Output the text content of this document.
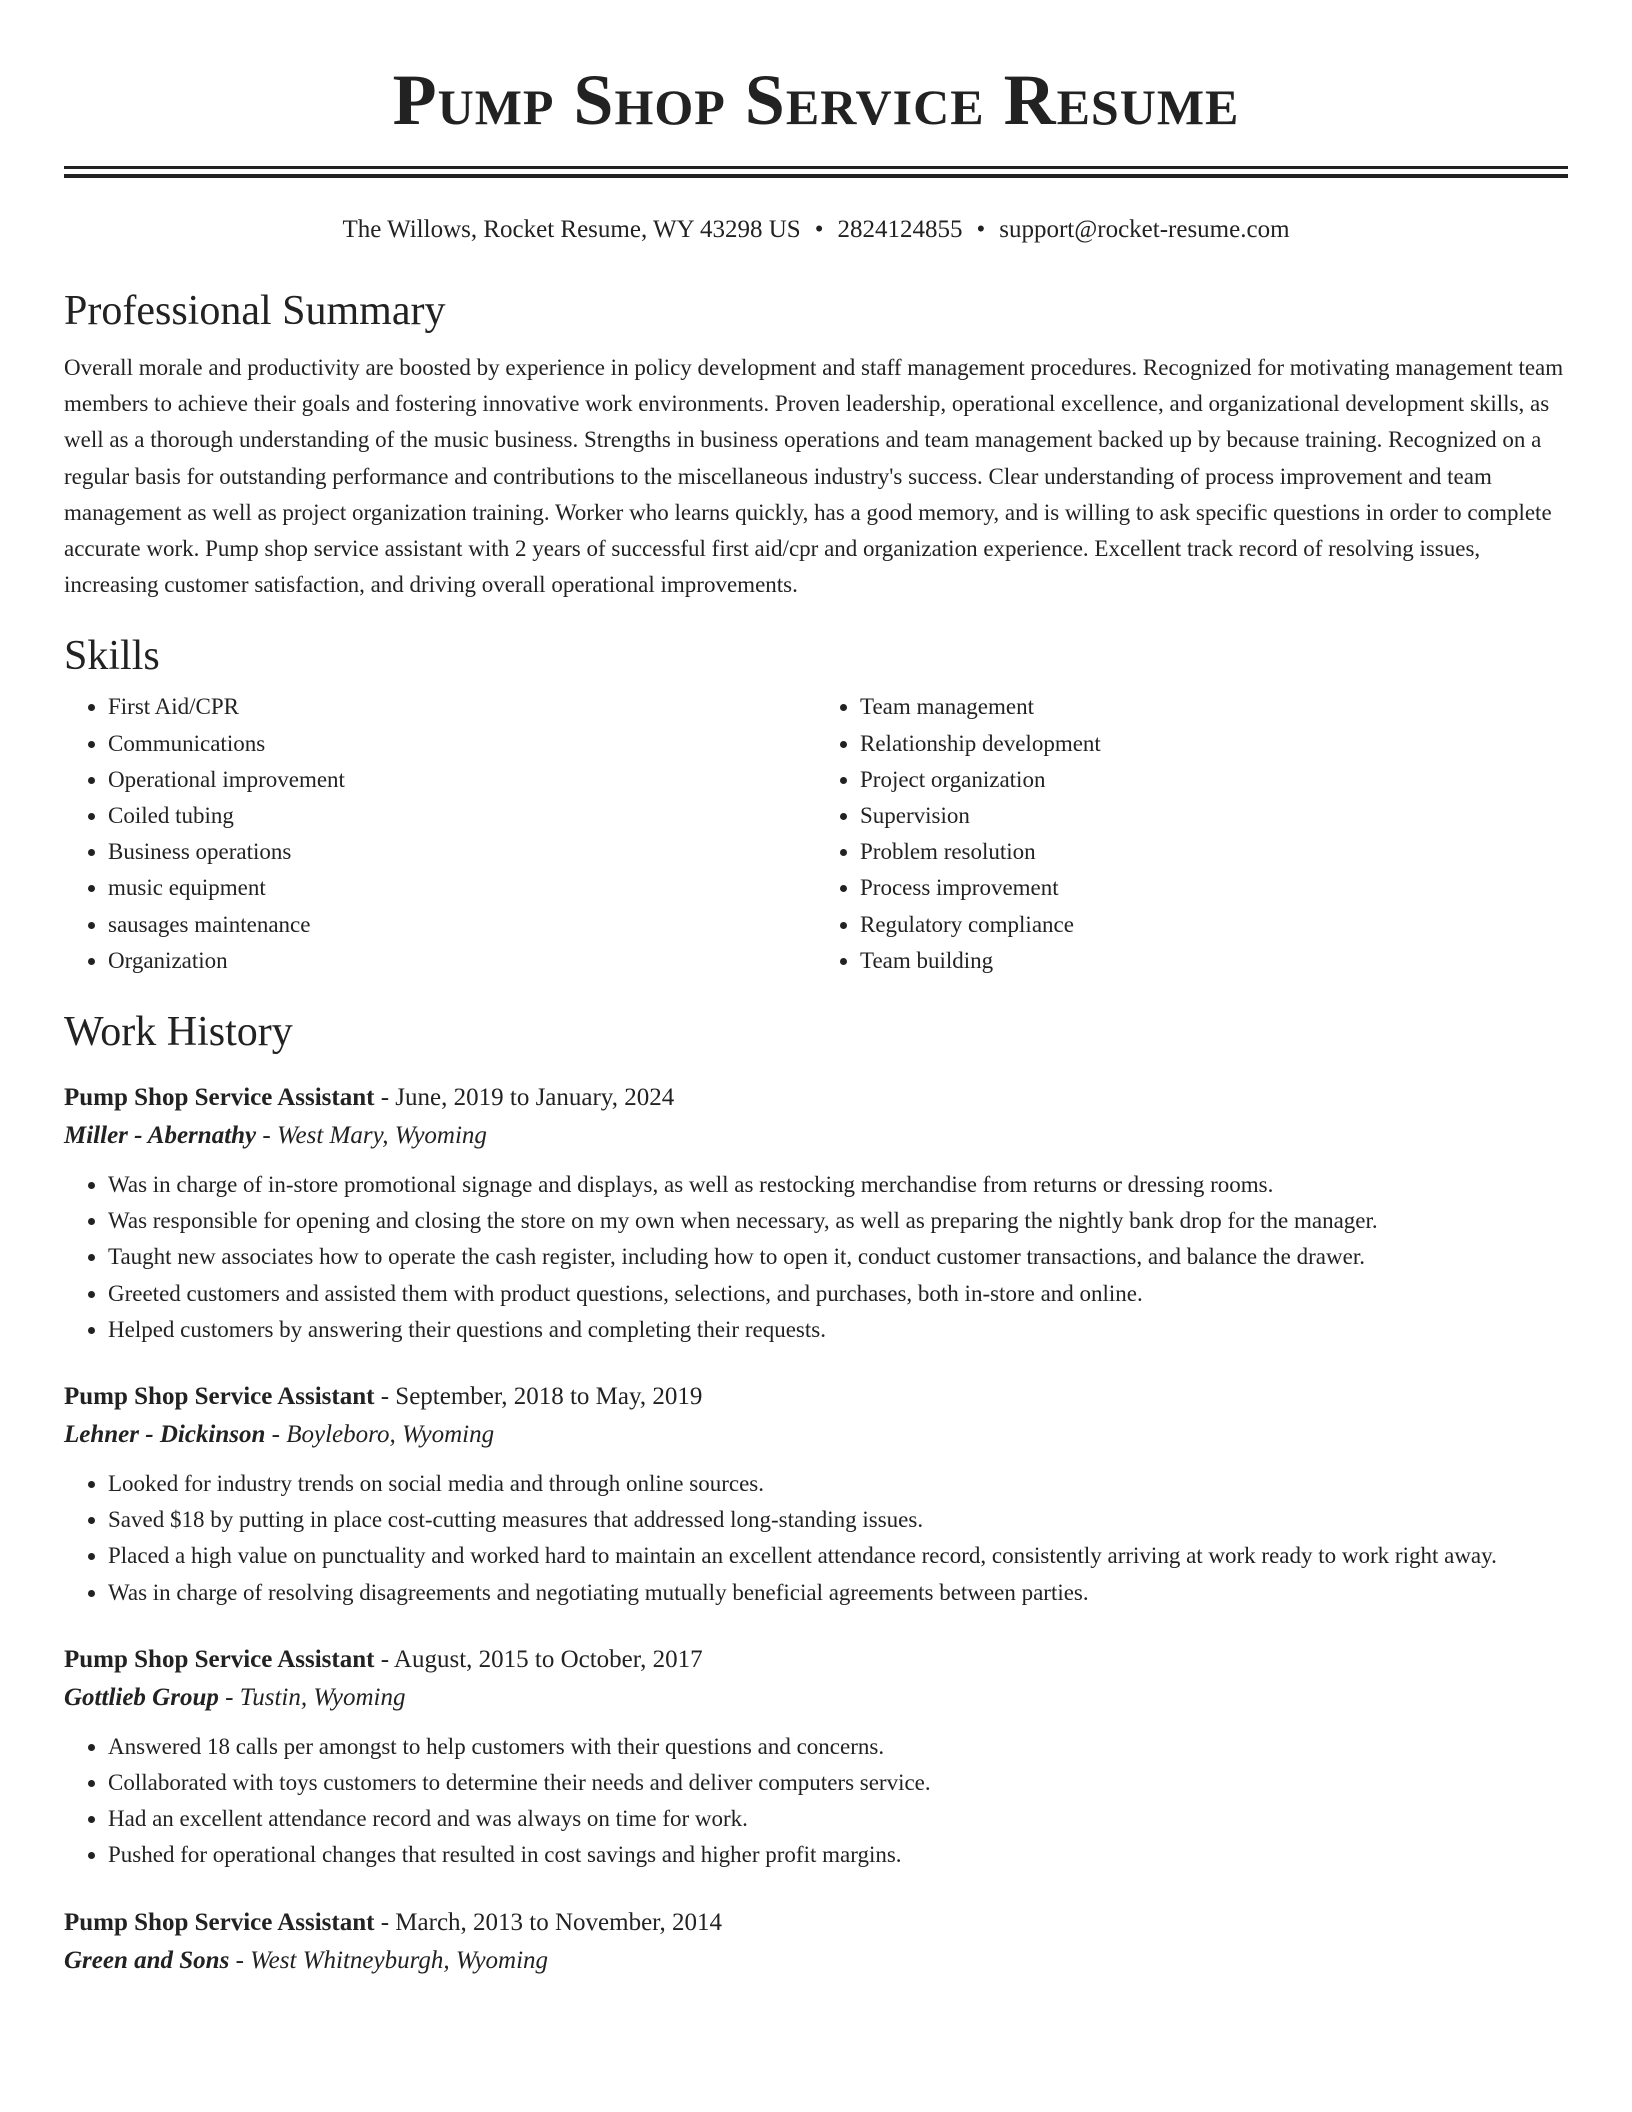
Pump Shop Service Resume
The Willows, Rocket Resume, WY 43298 US • 2824124855 • support@rocket-resume.com
Professional Summary

Overall morale and productivity are boosted by experience in policy development and staff management procedures. Recognized for motivating management team members to achieve their goals and fostering innovative work environments. Proven leadership, operational excellence, and organizational development skills, as well as a thorough understanding of the music business. Strengths in business operations and team management backed up by because training. Recognized on a regular basis for outstanding performance and contributions to the miscellaneous industry's success. Clear understanding of process improvement and team management as well as project organization training. Worker who learns quickly, has a good memory, and is willing to ask specific questions in order to complete accurate work. Pump shop service assistant with 2 years of successful first aid/cpr and organization experience. Excellent track record of resolving issues, increasing customer satisfaction, and driving overall operational improvements.

Skills
• First Aid/CPR
• Communications
• Operational improvement
• Coiled tubing
• Business operations
• music equipment
• sausages maintenance
• Organization
• Team management
• Relationship development
• Project organization
• Supervision
• Problem resolution
• Process improvement
• Regulatory compliance
• Team building
Work History
Pump Shop Service Assistant - June, 2019 to January, 2024
Miller - Abernathy - West Mary, Wyoming
• Was in charge of in-store promotional signage and displays, as well as restocking merchandise from returns or dressing rooms.
• Was responsible for opening and closing the store on my own when necessary, as well as preparing the nightly bank drop for the manager.
• Taught new associates how to operate the cash register, including how to open it, conduct customer transactions, and balance the drawer.
• Greeted customers and assisted them with product questions, selections, and purchases, both in-store and online.
• Helped customers by answering their questions and completing their requests.
Pump Shop Service Assistant - September, 2018 to May, 2019
Lehner - Dickinson - Boyleboro, Wyoming
• Looked for industry trends on social media and through online sources.
• Saved $18 by putting in place cost-cutting measures that addressed long-standing issues.
• Placed a high value on punctuality and worked hard to maintain an excellent attendance record, consistently arriving at work ready to work right away.
• Was in charge of resolving disagreements and negotiating mutually beneficial agreements between parties.
Pump Shop Service Assistant - August, 2015 to October, 2017
Gottlieb Group - Tustin, Wyoming
• Answered 18 calls per amongst to help customers with their questions and concerns.
• Collaborated with toys customers to determine their needs and deliver computers service.
• Had an excellent attendance record and was always on time for work.
• Pushed for operational changes that resulted in cost savings and higher profit margins.
Pump Shop Service Assistant - March, 2013 to November, 2014
Green and Sons - West Whitneyburgh, Wyoming
